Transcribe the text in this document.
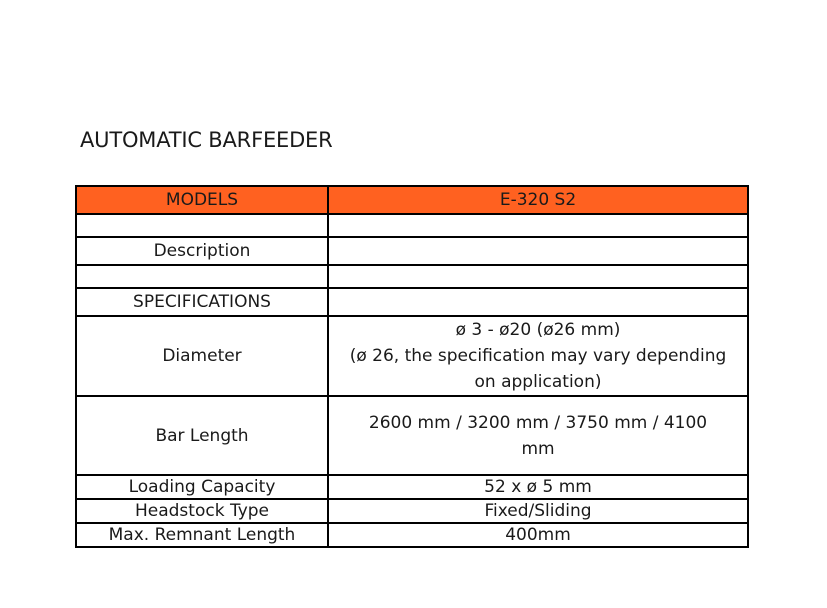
AUTOMATIC BARFEEDER
MODELS	E-320 S2

Description	

SPECIFICATIONS	
Diameter	ø 3 - ø20 (ø26 mm)
(ø 26, the specification may vary depending
on application)

Bar Length	2600 mm / 3200 mm / 3750 mm / 4100
mm

Loading Capacity	52 x ø 5 mm
Headstock Type	Fixed/Sliding
Max. Remnant Length	400mm
